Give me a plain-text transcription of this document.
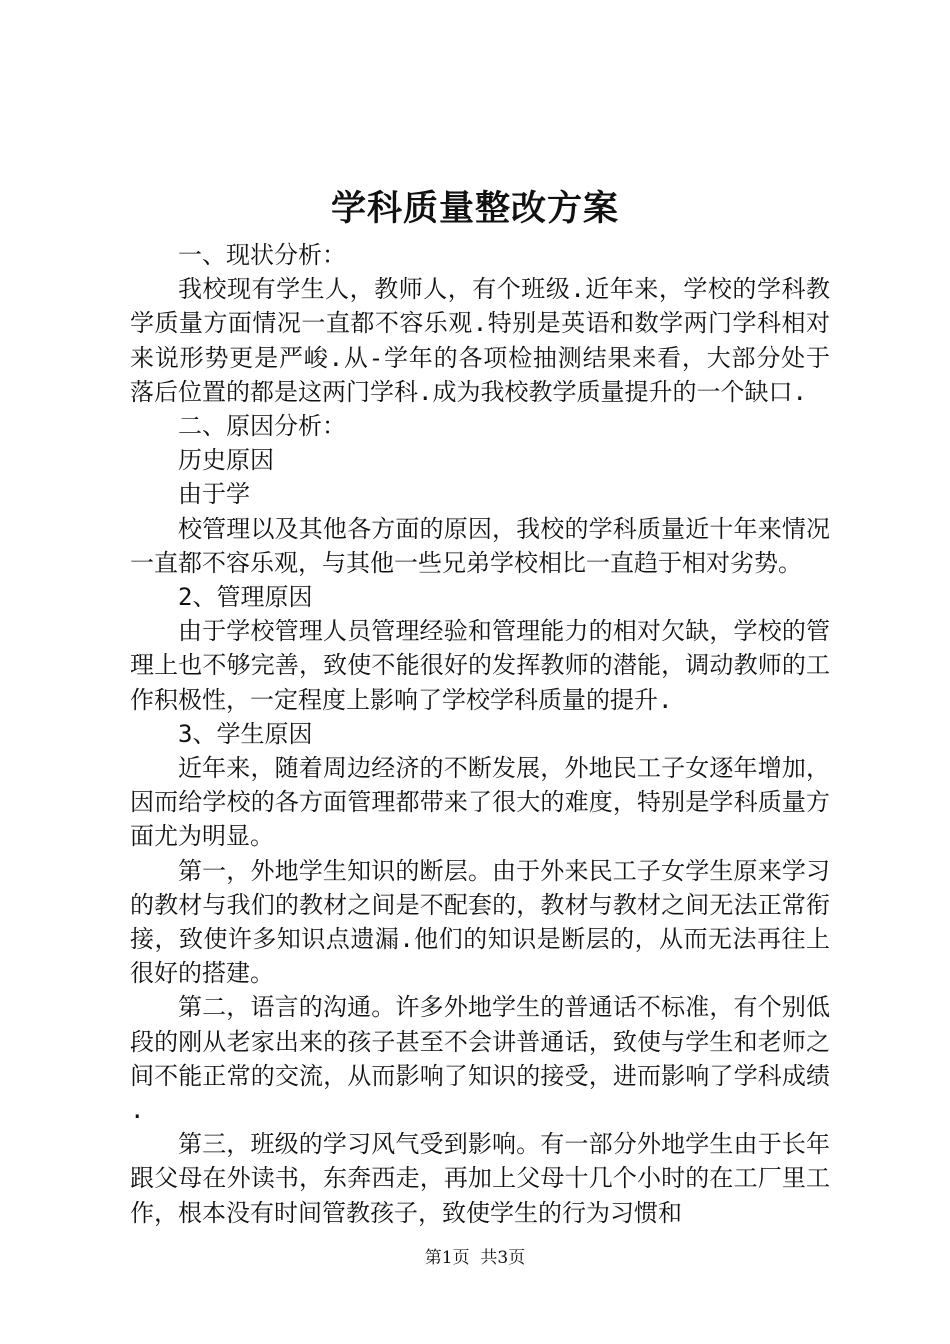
学科质量整改方案

一、现状分析：

我校现有学生人，教师人，有个班级.近年来，学校的学科教学质量方面情况一直都不容乐观.特别是英语和数学两门学科相对来说形势更是严峻.从-学年的各项检抽测结果来看，大部分处于落后位置的都是这两门学科.成为我校教学质量提升的一个缺口.

二、原因分析：

历史原因

由于学

校管理以及其他各方面的原因，我校的学科质量近十年来情况一直都不容乐观，与其他一些兄弟学校相比一直趋于相对劣势。

2、管理原因

由于学校管理人员管理经验和管理能力的相对欠缺，学校的管理上也不够完善，致使不能很好的发挥教师的潜能，调动教师的工作积极性，一定程度上影响了学校学科质量的提升.

3、学生原因

近年来，随着周边经济的不断发展，外地民工子女逐年增加，因而给学校的各方面管理都带来了很大的难度，特别是学科质量方面尤为明显。

第一，外地学生知识的断层。由于外来民工子女学生原来学习的教材与我们的教材之间是不配套的，教材与教材之间无法正常衔接，致使许多知识点遗漏.他们的知识是断层的，从而无法再往上很好的搭建。

第二，语言的沟通。许多外地学生的普通话不标准，有个别低段的刚从老家出来的孩子甚至不会讲普通话，致使与学生和老师之间不能正常的交流，从而影响了知识的接受，进而影响了学科成绩.

第三，班级的学习风气受到影响。有一部分外地学生由于长年跟父母在外读书，东奔西走，再加上父母十几个小时的在工厂里工作，根本没有时间管教孩子，致使学生的行为习惯和

第1页 共3页
